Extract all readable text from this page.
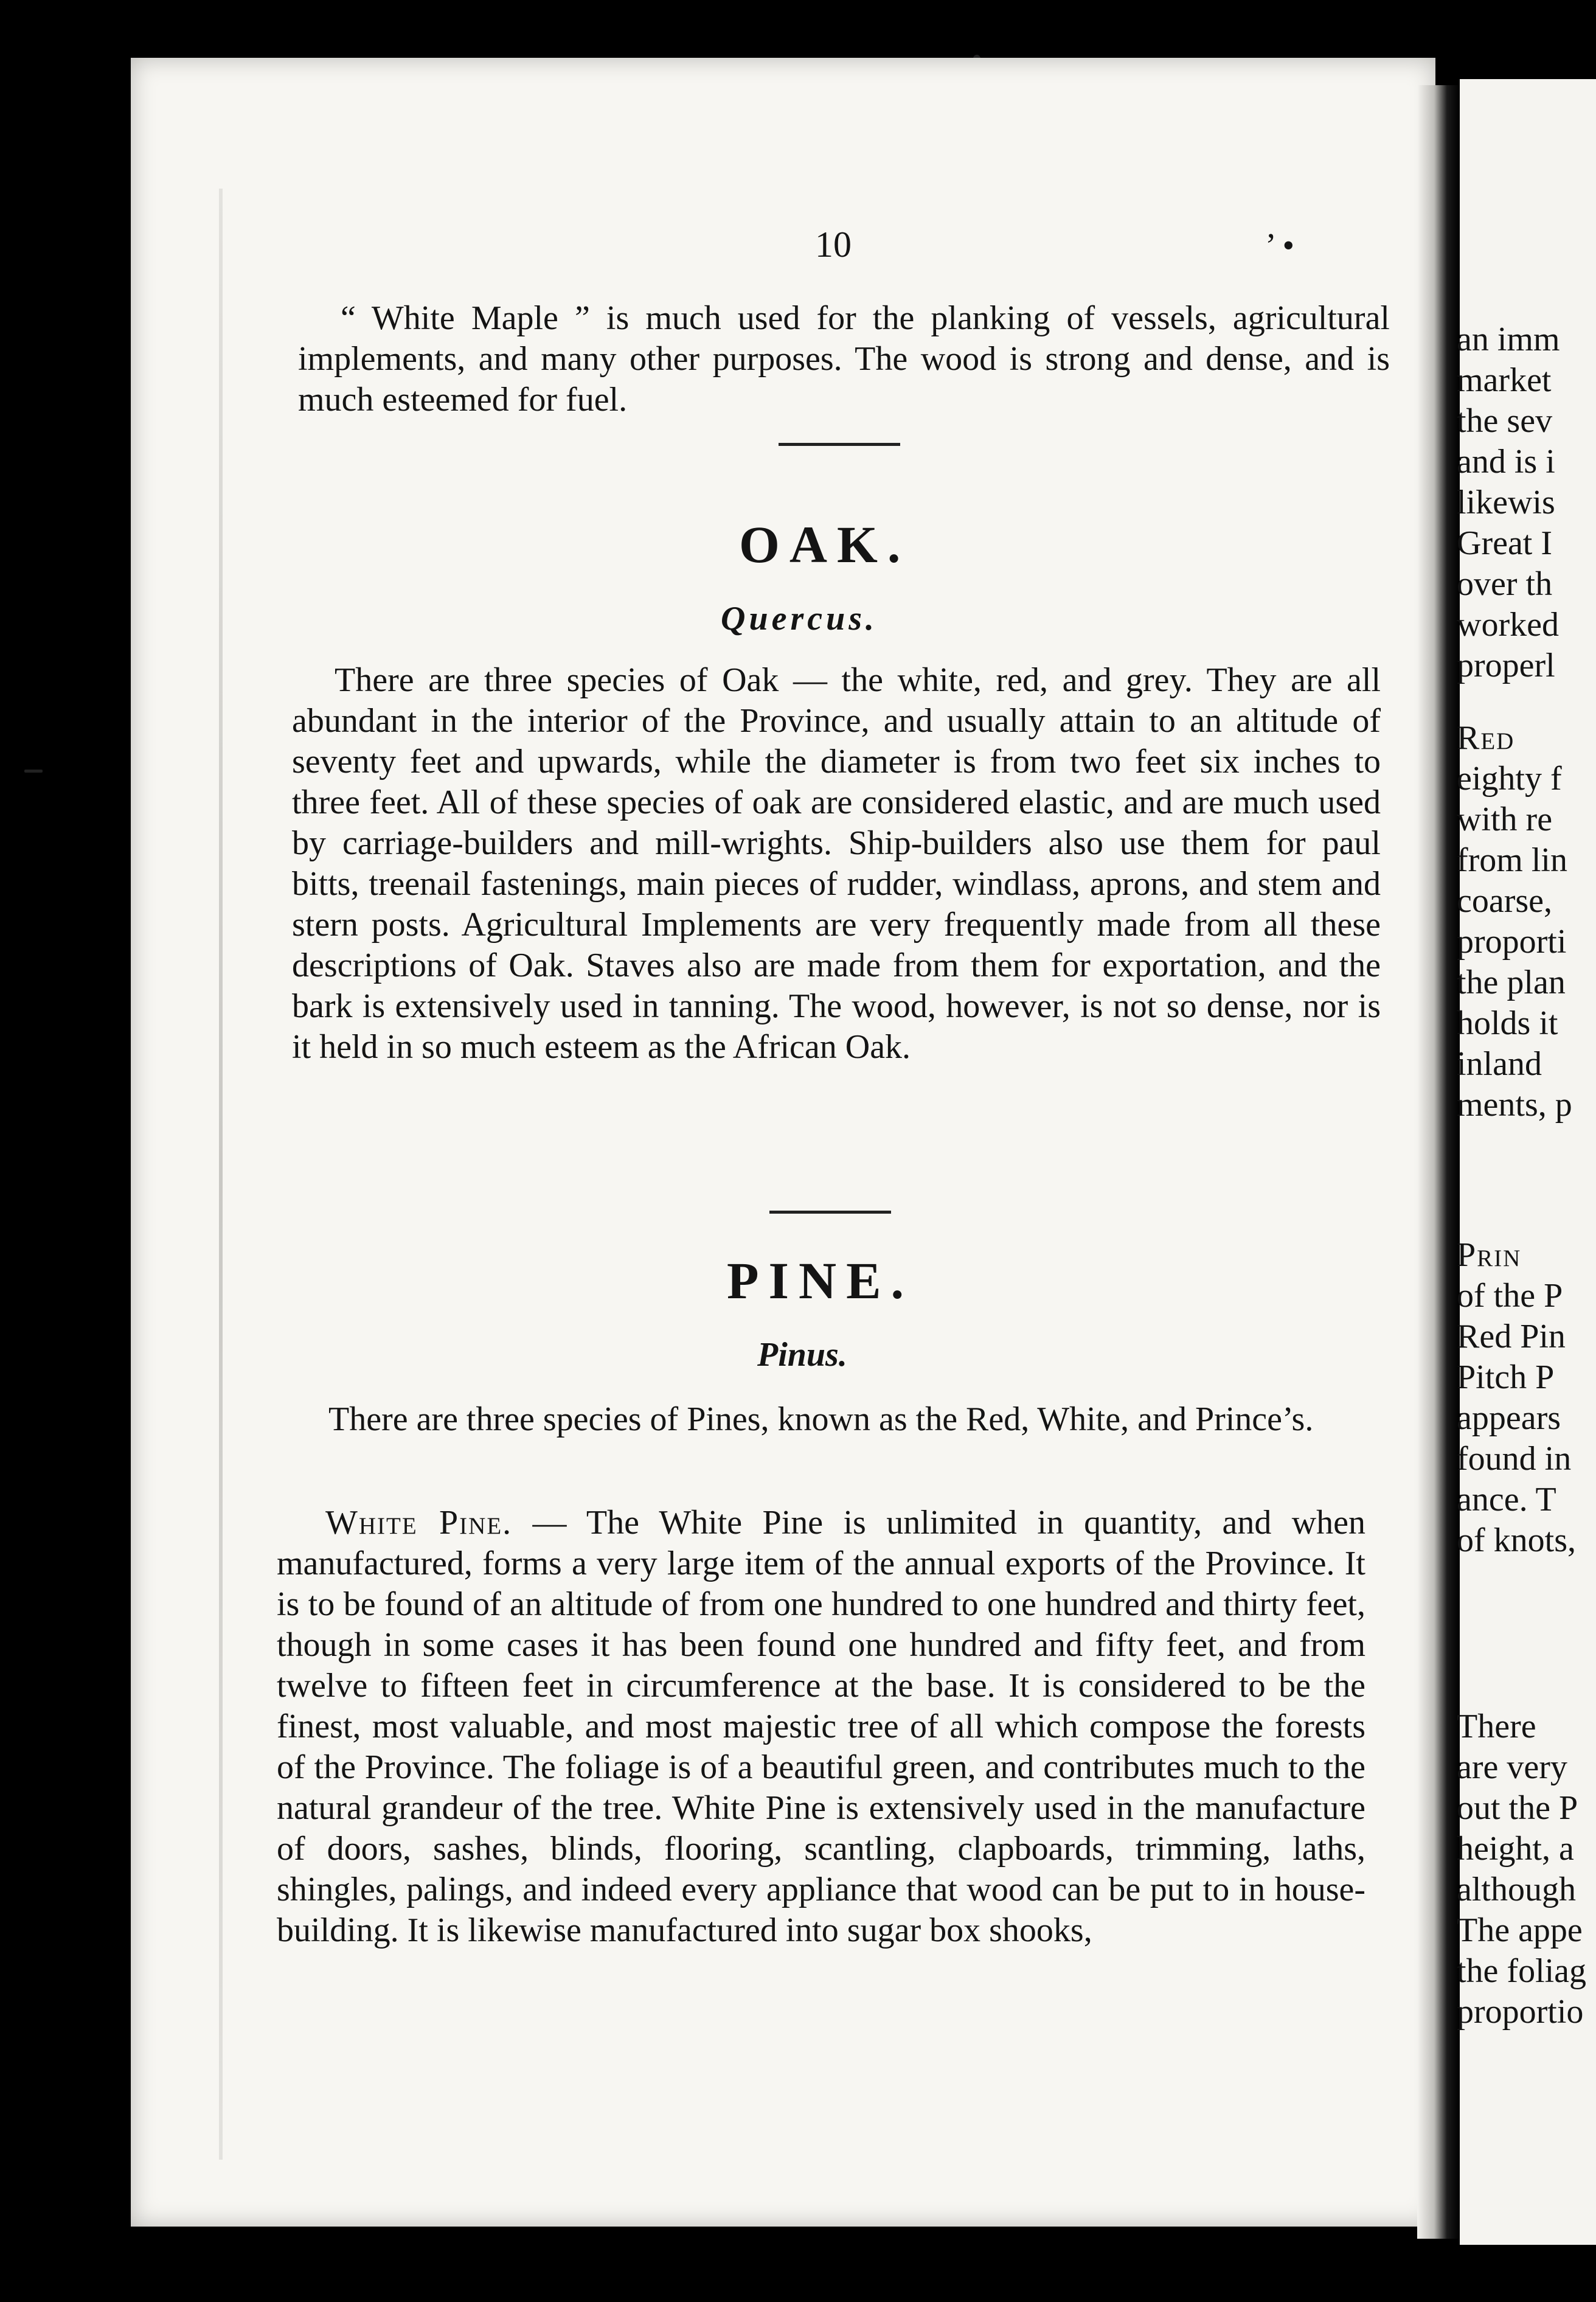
10	’ •
“ White Maple ” is much used for the planking of vessels, agricultural implements, and many other purposes. The wood is strong and dense, and is much esteemed for fuel.
OAK.
Quercus.
There are three species of Oak — the white, red, and grey. They are all abundant in the interior of the Province, and usually attain to an altitude of seventy feet and upwards, while the diameter is from two feet six inches to three feet. All of these species of oak are considered elastic, and are much used by carriage-builders and mill-wrights. Ship-builders also use them for paul bitts, treenail fastenings, main pieces of rudder, windlass, aprons, and stem and stern posts. Agricultural Implements are very frequently made from all these descriptions of Oak. Staves also are made from them for exportation, and the bark is extensively used in tanning. The wood, however, is not so dense, nor is it held in so much esteem as the African Oak.
PINE.
Pinus.
There are three species of Pines, known as the Red, White, and Prince’s.
White Pine. — The White Pine is unlimited in quantity, and when manufactured, forms a very large item of the annual exports of the Province. It is to be found of an altitude of from one hundred to one hundred and thirty feet, though in some cases it has been found one hundred and fifty feet, and from twelve to fifteen feet in circumference at the base. It is considered to be the finest, most valuable, and most majestic tree of all which compose the forests of the Province. The foliage is of a beautiful green, and contributes much to the natural grandeur of the tree. White Pine is extensively used in the manufacture of doors, sashes, blinds, flooring, scantling, clapboards, trimming, laths, shingles, palings, and indeed every appliance that wood can be put to in house-building. It is likewise manufactured into sugar box shooks,
an imm
market
the sev
and is i
likewis
Great I
over th
worked
properl
Red
eighty f
with re
from lin
coarse,
proporti
the plan
holds it
inland
ments, p
Prin
of the P
Red Pin
Pitch P
appears
found in
ance. T
of knots,
There
are very
out the P
height, a
although
The appe
the foliag
proportio
